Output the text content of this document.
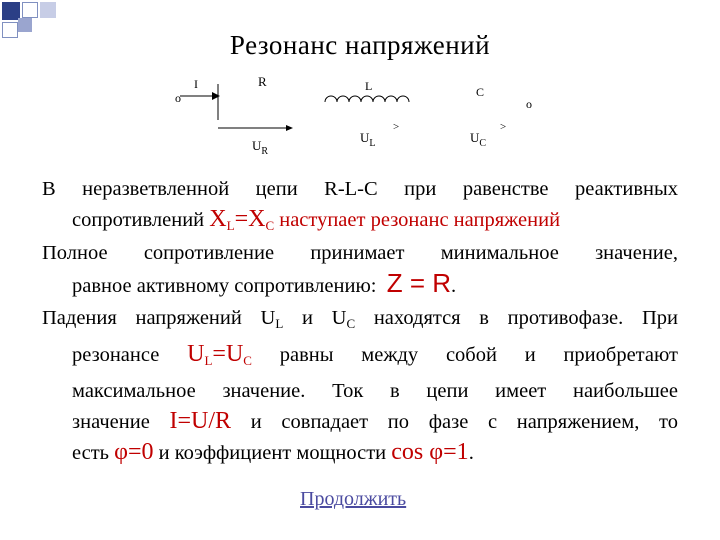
Резонанс напряжений
o
I	R
$U_R$
L
$U_L$
>
C
$U_C$
>
o
В неразветвленной цепи R-L-C при равенстве реактивных
сопротивлений $X_L=X_C$ наступает резонанс напряжений
Полное сопротивление принимает минимальное значение,
равное активному сопротивлению: Z = R.
Падения напряжений $U_L$ и $U_C$ находятся в противофазе. При
резонансе $U_L=U_C$ равны между собой и приобретают
максимальное значение. Ток в цепи имеет наибольшее
значение I=U/R и совпадает по фазе с напряжением, то
есть φ=0 и коэффициент мощности cos φ=1.
Продолжить
